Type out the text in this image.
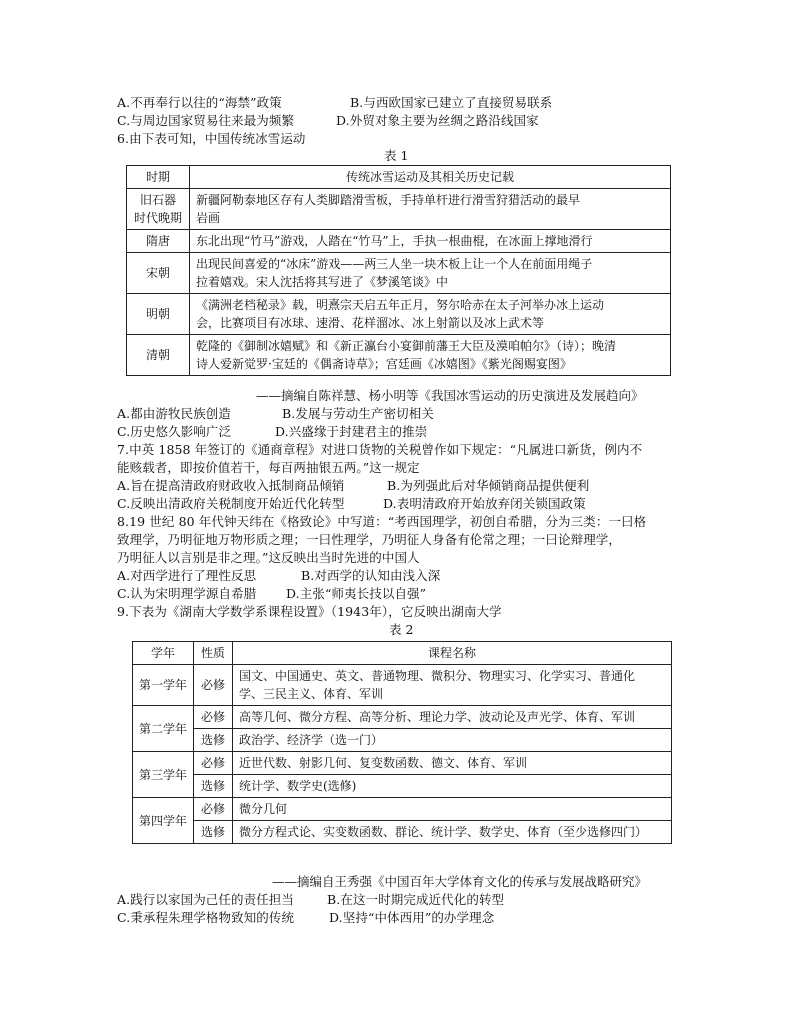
A.不再奉行以往的“海禁”政策	B.与西欧国家已建立了直接贸易联系
C.与周边国家贸易往来最为频繁	D.外贸对象主要为丝绸之路沿线国家
6.由下表可知，中国传统冰雪运动
表 1
时期	传统冰雪运动及其相关历史记载
旧石器
时代晚期	新疆阿勒泰地区存有人类脚踏滑雪板，手持单杆进行滑雪狩猎活动的最早
岩画
隋唐	东北出现“竹马”游戏，人踏在“竹马”上，手执一根曲棍，在冰面上撑地滑行
宋朝	出现民间喜爱的“冰床”游戏——两三人坐一块木板上让一个人在前面用绳子
拉着嬉戏。宋人沈括将其写进了《梦溪笔谈》中
明朝	《满洲老档秘录》载，明熹宗天启五年正月，努尔哈赤在太子河举办冰上运动
会，比赛项目有冰球、速滑、花样溜冰、冰上射箭以及冰上武术等
清朝	乾隆的《御制冰嬉赋》和《新正瀛台小宴御前藩王大臣及漠咱帕尔》（诗）；晚清
诗人爱新觉罗·宝廷的《偶斋诗草》；宫廷画《冰嬉图》《紫光阁赐宴图》
——摘编自陈祥慧、杨小明等《我国冰雪运动的历史演进及发展趋向》
A.都由游牧民族创造	B.发展与劳动生产密切相关
C.历史悠久影响广泛	D.兴盛缘于封建君主的推崇
7.中英 1858 年签订的《通商章程》对进口货物的关税曾作如下规定：“凡属进口新货，例内不
能赅载者，即按价值若干，每百两抽银五两。”这一规定
A.旨在提高清政府财政收入抵制商品倾销	B.为列强此后对华倾销商品提供便利
C.反映出清政府关税制度开始近代化转型	D.表明清政府开始放弃闭关锁国政策
8.19 世纪 80 年代钟天纬在《格致论》中写道：“考西国理学，初创自希腊，分为三类：一曰格
致理学，乃明征地万物形质之理；一曰性理学，乃明征人身备有伦常之理；一曰论辩理学，
乃明征人以言别是非之理。”这反映出当时先进的中国人
A.对西学进行了理性反思	B.对西学的认知由浅入深
C.认为宋明理学源自希腊 D.主张“师夷长技以自强”
9.下表为《湖南大学数学系课程设置》（1943年），它反映出湖南大学
表 2
学年	性质	课程名称
第一学年	必修	国文、中国通史、英文、普通物理、微积分、物理实习、化学实习、普通化
学、三民主义、体育、军训
第二学年	必修	高等几何、微分方程、高等分析、理论力学、波动论及声光学、体育、军训
	选修	政治学、经济学（选一门）
第三学年	必修	近世代数、射影几何、复变数函数、德文、体育、军训
	选修	统计学、数学史(选修)
第四学年	必修	微分几何
	选修	微分方程式论、实变数函数、群论、统计学、数学史、体育（至少选修四门）
——摘编自王秀强《中国百年大学体育文化的传承与发展战略研究》
A.践行以家国为己任的责任担当	B.在这一时期完成近代化的转型
C.秉承程朱理学格物致知的传统	D.坚持“中体西用”的办学理念
